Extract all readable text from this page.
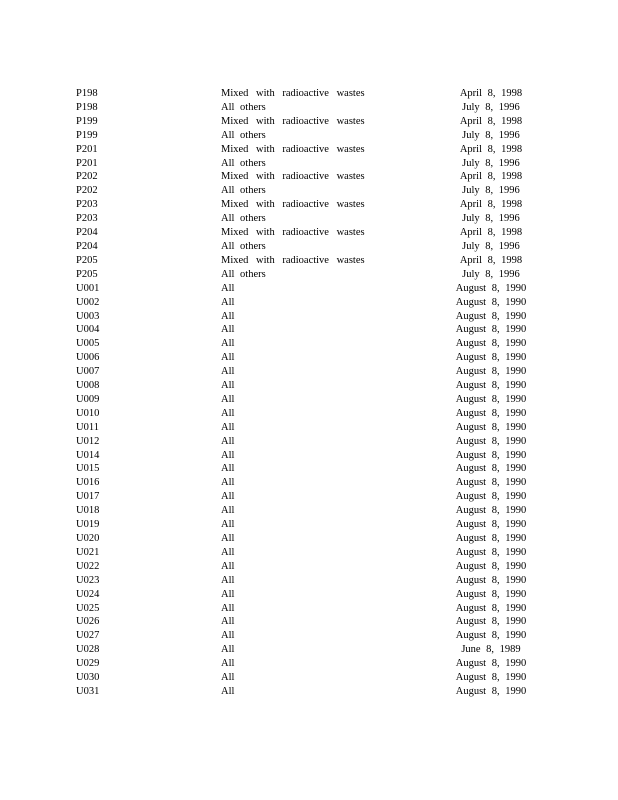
P198	Mixed with radioactive wastes	April 8, 1998
P198	All others	July 8, 1996
P199	Mixed with radioactive wastes	April 8, 1998
P199	All others	July 8, 1996
P201	Mixed with radioactive wastes	April 8, 1998
P201	All others	July 8, 1996
P202	Mixed with radioactive wastes	April 8, 1998
P202	All others	July 8, 1996
P203	Mixed with radioactive wastes	April 8, 1998
P203	All others	July 8, 1996
P204	Mixed with radioactive wastes	April 8, 1998
P204	All others	July 8, 1996
P205	Mixed with radioactive wastes	April 8, 1998
P205	All others	July 8, 1996
U001	All	August 8, 1990
U002	All	August 8, 1990
U003	All	August 8, 1990
U004	All	August 8, 1990
U005	All	August 8, 1990
U006	All	August 8, 1990
U007	All	August 8, 1990
U008	All	August 8, 1990
U009	All	August 8, 1990
U010	All	August 8, 1990
U011	All	August 8, 1990
U012	All	August 8, 1990
U014	All	August 8, 1990
U015	All	August 8, 1990
U016	All	August 8, 1990
U017	All	August 8, 1990
U018	All	August 8, 1990
U019	All	August 8, 1990
U020	All	August 8, 1990
U021	All	August 8, 1990
U022	All	August 8, 1990
U023	All	August 8, 1990
U024	All	August 8, 1990
U025	All	August 8, 1990
U026	All	August 8, 1990
U027	All	August 8, 1990
U028	All	June 8, 1989
U029	All	August 8, 1990
U030	All	August 8, 1990
U031	All	August 8, 1990
